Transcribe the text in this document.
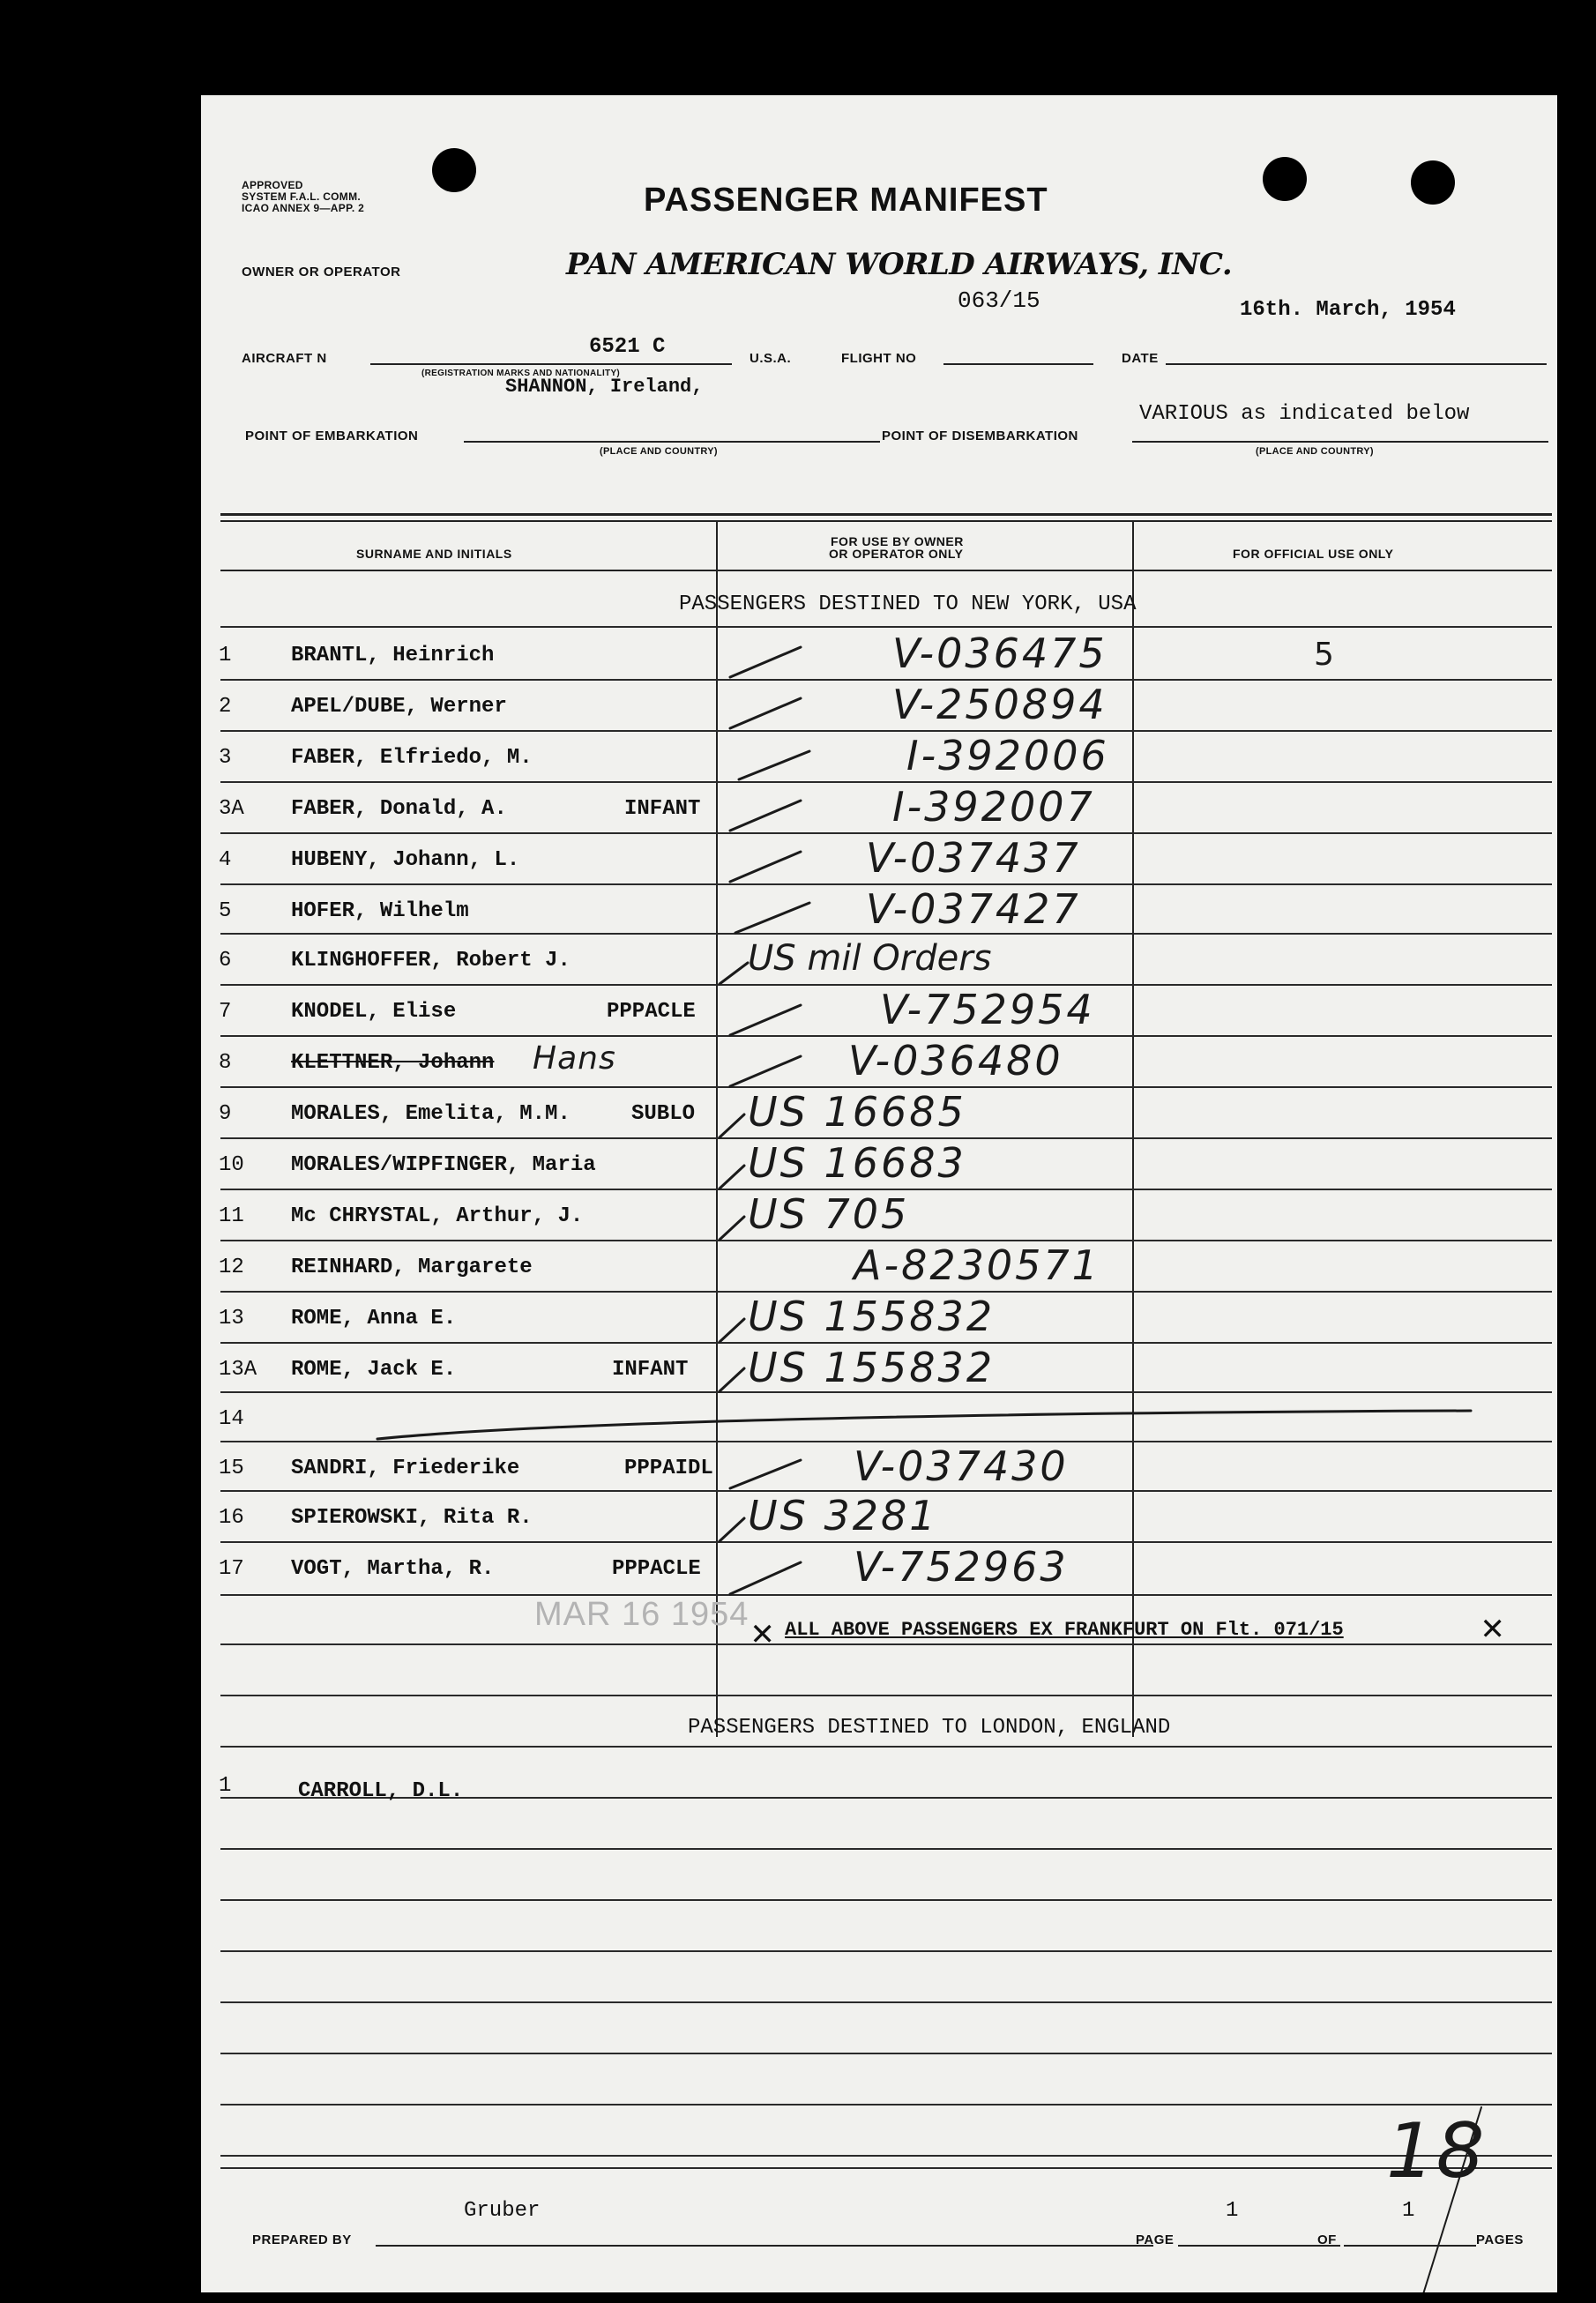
APPROVED
SYSTEM F.A.L. COMM.
ICAO ANNEX 9—APP. 2	PASSENGER MANIFEST
OWNER OR OPERATOR	PAN AMERICAN WORLD AIRWAYS, INC.
063/15	16th. March, 1954
AIRCRAFT N	6521 C
(REGISTRATION MARKS AND NATIONALITY)
U.S.A.	FLIGHT NO	DATE
SHANNON, Ireland,
POINT OF EMBARKATION
(PLACE AND COUNTRY)
POINT OF DISEMBARKATION
VARIOUS as indicated below
(PLACE AND COUNTRY)
SURNAME AND INITIALS
FOR USE BY OWNER
OR OPERATOR ONLY	FOR OFFICIAL USE ONLY
PASSENGERS DESTINED TO NEW YORK, USA
1	BRANTL, Heinrich	V-036475	5
2	APEL/DUBE, Werner	V-250894
3	FABER, Elfriedo, M.	I-392006
3A FABER, Donald, A.	INFANT	I-392007
4	HUBENY, Johann, L.	V-037437
5	HOFER, Wilhelm	V-037427
6	KLINGHOFFER, Robert J.	US mil Orders
7	KNODEL, Elise	PPPACLE	V-752954
8	KLETTNER, Johann Hans	V-036480
9	MORALES, Emelita, M.M.	SUBLO US 16685
10 MORALES/WIPFINGER, Maria	US 16683
11 Mc CHRYSTAL, Arthur, J.	US 705
12 REINHARD, Margarete	A-8230571
13 ROME, Anna E.	US 155832
13A ROME, Jack E.	INFANT US 155832
14
15 SANDRI, Friederike	PPPAIDL	V-037430
16 SPIEROWSKI, Rita R.	US 3281
17 VOGT, Martha, R.	PPPACLE	V-752963
MAR 16 1954 ✕ ALL ABOVE PASSENGERS EX FRANKFURT ON Flt. 071/15	✕
PASSENGERS DESTINED TO LONDON, ENGLAND
1	CARROLL, D.L.
18
Gruber
PREPARED BY	PAGE
1
OF
1
PAGES
